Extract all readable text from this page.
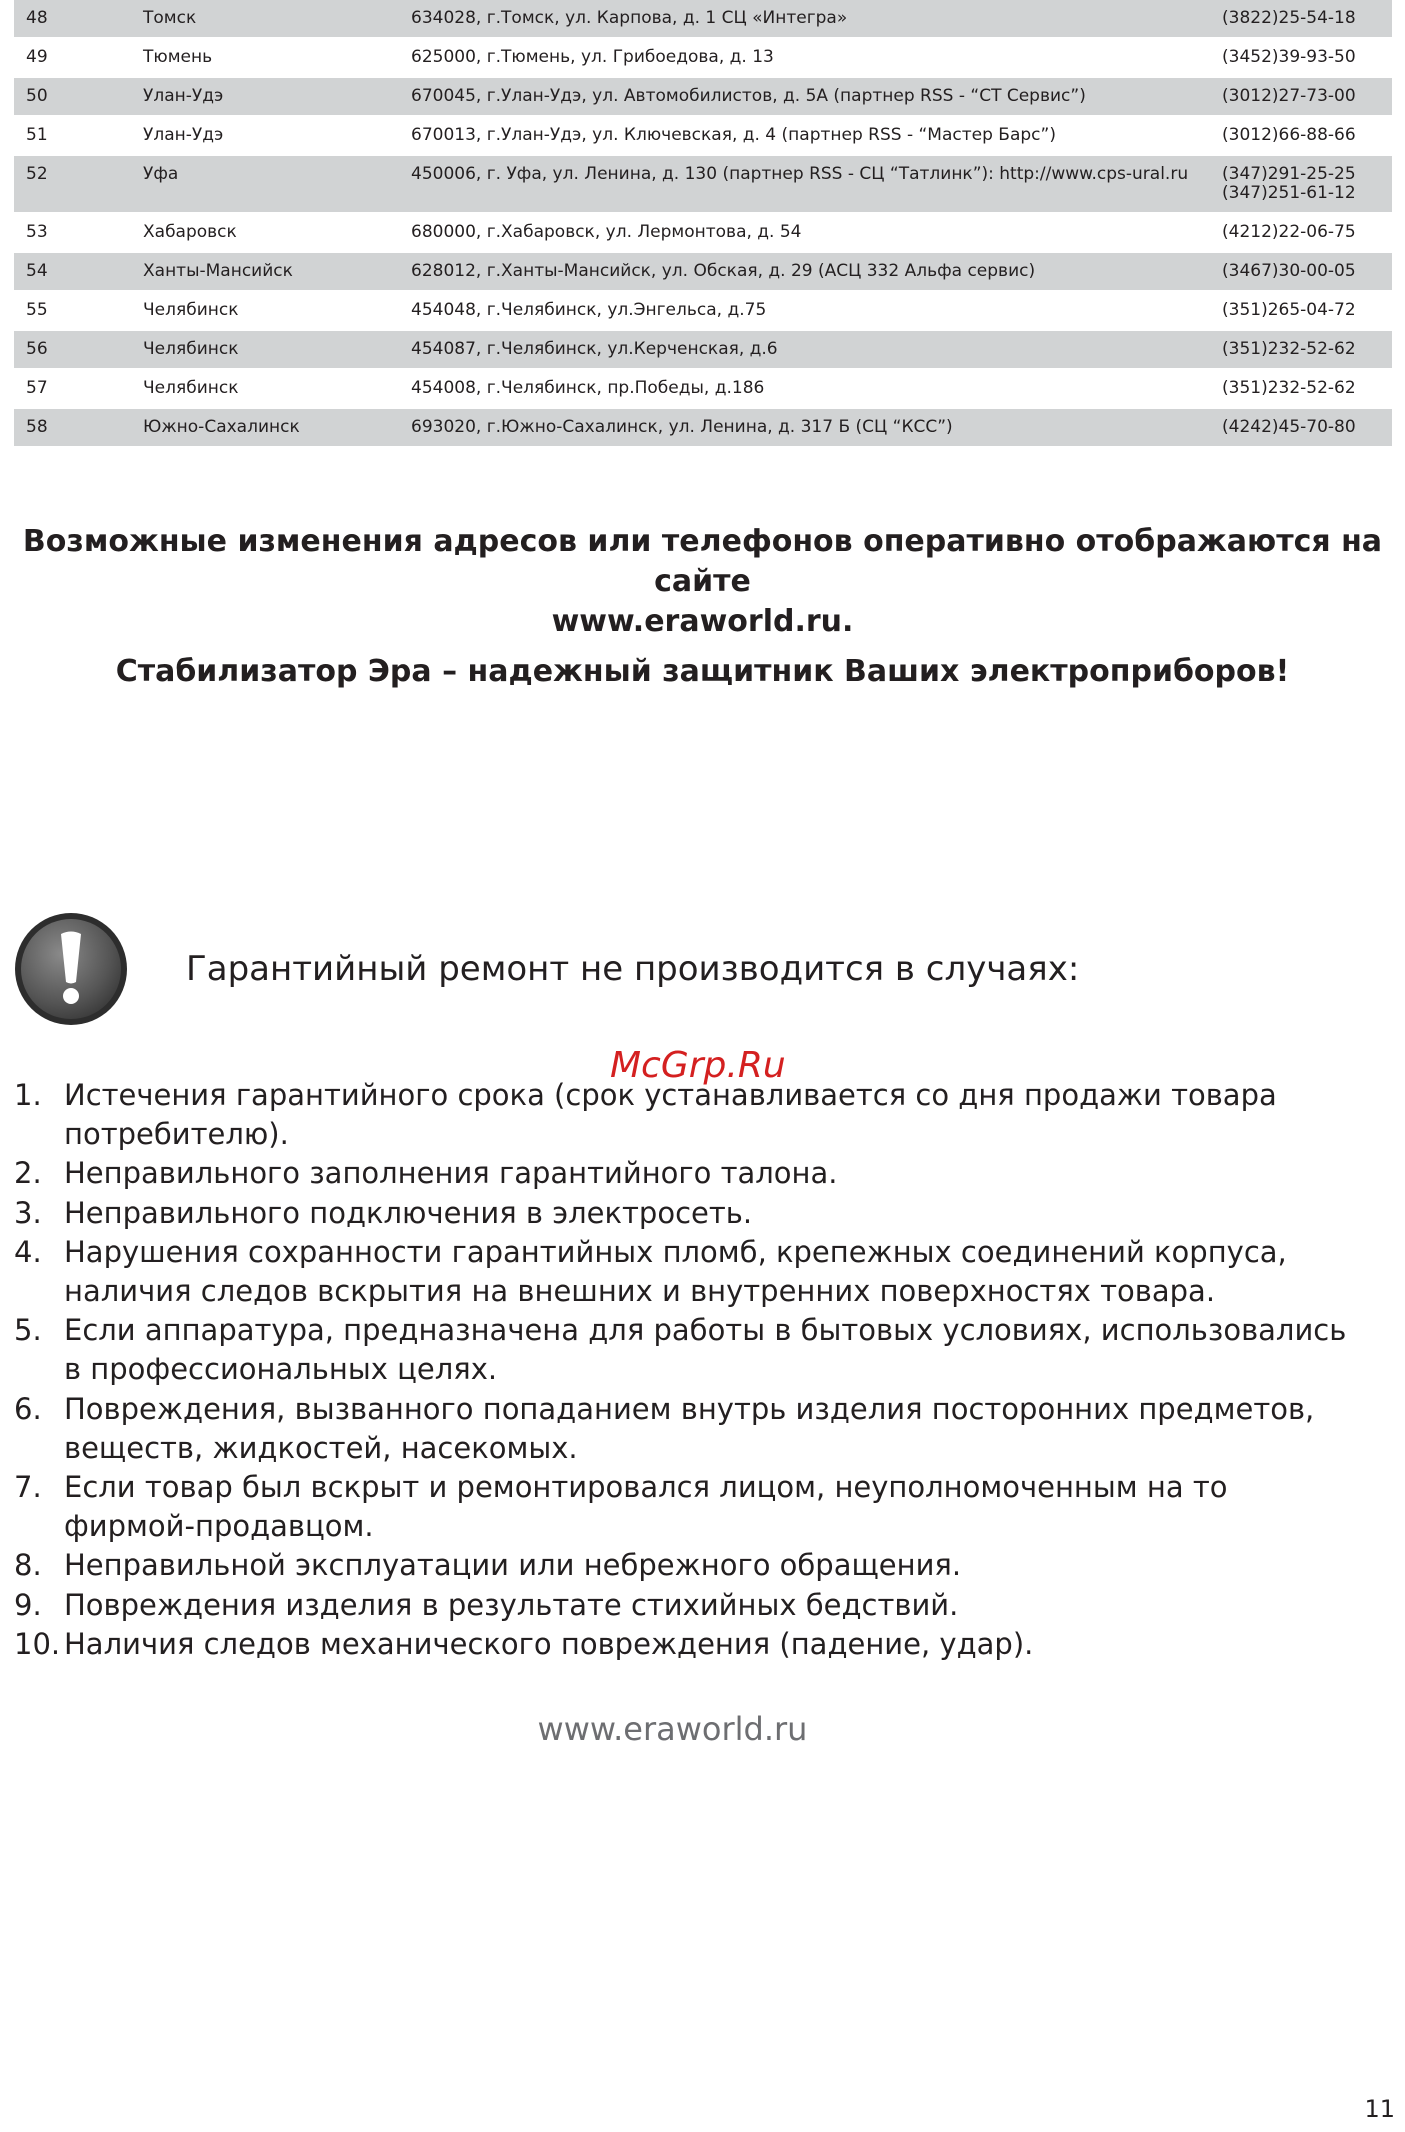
48	Томск	634028, г.Томск, ул. Карпова, д. 1 СЦ «Интегра»	(3822)25-54-18

49	Тюмень	625000, г.Тюмень, ул. Грибоедова, д. 13	(3452)39-93-50

50	Улан-Удэ	670045, г.Улан-Удэ, ул. Автомобилистов, д. 5А (партнер RSS - “СТ Сервис”)	(3012)27-73-00

51	Улан-Удэ	670013, г.Улан-Удэ, ул. Ключевская, д. 4 (партнер RSS - “Мастер Барс”)	(3012)66-88-66

52	Уфа	450006, г. Уфа, ул. Ленина, д. 130 (партнер RSS - СЦ “Татлинк”): http://www.cps-ural.ru	(347)291-25-25
(347)251-61-12

53	Хабаровск	680000, г.Хабаровск, ул. Лермонтова, д. 54	(4212)22-06-75

54	Ханты-Мансийск	628012, г.Ханты-Мансийск, ул. Обская, д. 29 (АСЦ 332 Альфа сервис)	(3467)30-00-05

55	Челябинск	454048, г.Челябинск, ул.Энгельса, д.75	(351)265-04-72

56	Челябинск	454087, г.Челябинск, ул.Керченская, д.6	(351)232-52-62

57	Челябинск	454008, г.Челябинск, пр.Победы, д.186	(351)232-52-62

58	Южно-Сахалинск	693020, г.Южно-Сахалинск, ул. Ленина, д. 317 Б (СЦ “КСС”)	(4242)45-70-80
Возможные изменения адресов или телефонов оперативно отображаются на сайте
www.eraworld.ru.
Стабилизатор Эра – надежный защитник Ваших электроприборов!
Гарантийный ремонт не производится в случаях:
McGrp.Ru
1. Истечения гарантийного срока (срок устанавливается со дня продажи товара
потребителю).
2. Неправильного заполнения гарантийного талона.
3. Неправильного подключения в электросеть.
4. Нарушения сохранности гарантийных пломб, крепежных соединений корпуса,
наличия следов вскрытия на внешних и внутренних поверхностях товара.
5. Если аппаратура, предназначена для работы в бытовых условиях, использовались
в профессиональных целях.
6. Повреждения, вызванного попаданием внутрь изделия посторонних предметов,
веществ, жидкостей, насекомых.
7. Если товар был вскрыт и ремонтировался лицом, неуполномоченным на то
фирмой-продавцом.
8. Неправильной эксплуатации или небрежного обращения.
9. Повреждения изделия в результате стихийных бедствий.
10. Наличия следов механического повреждения (падение, удар).
www.eraworld.ru
11
